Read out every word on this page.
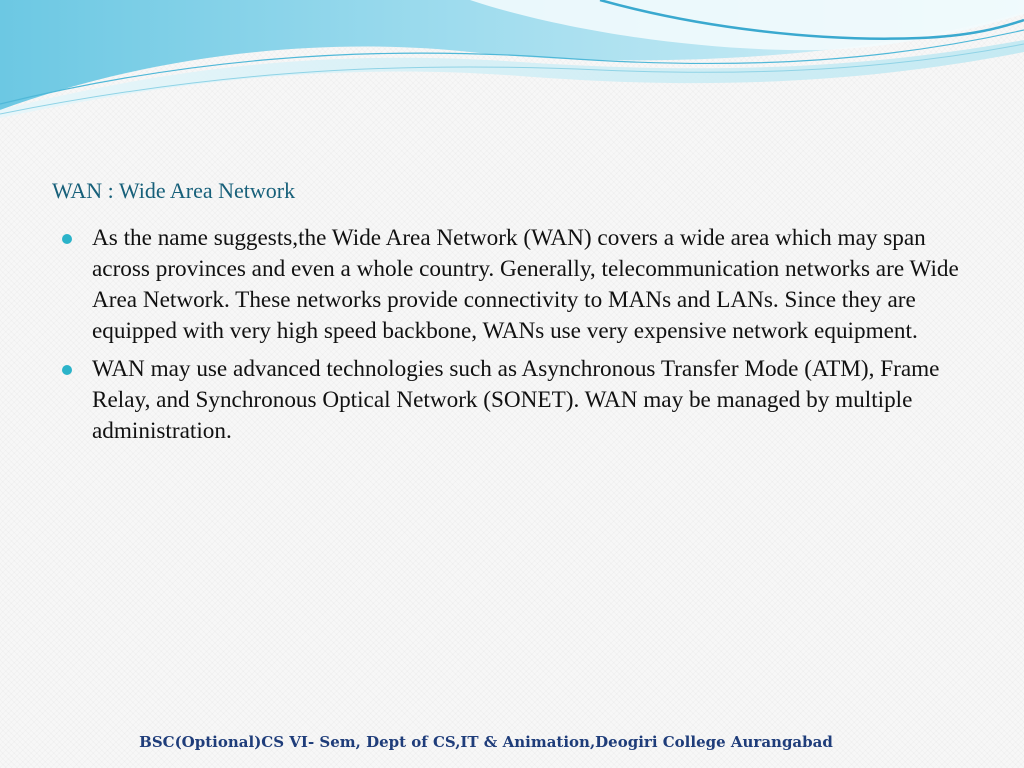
WAN : Wide Area Network
As the name suggests,the Wide Area Network (WAN) covers a wide area which may span across provinces and even a whole country. Generally, telecommunication networks are Wide Area Network. These networks provide connectivity to MANs and LANs. Since they are equipped with very high speed backbone, WANs use very expensive network equipment.
WAN may use advanced technologies such as Asynchronous Transfer Mode (ATM), Frame Relay, and Synchronous Optical Network (SONET). WAN may be managed by multiple administration.
BSC(Optional)CS VI- Sem, Dept of CS,IT & Animation,Deogiri College Aurangabad
